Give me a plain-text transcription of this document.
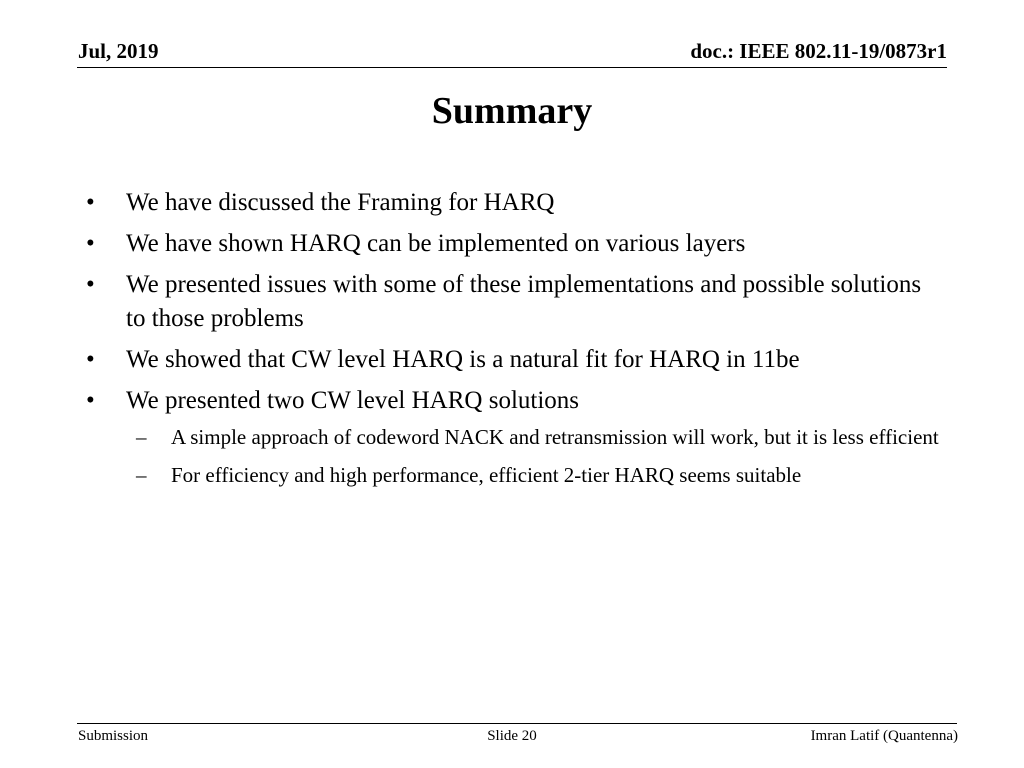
Jul, 2019	doc.: IEEE 802.11-19/0873r1
Summary
• We have discussed the Framing for HARQ
• We have shown HARQ can be implemented on various layers
• We presented issues with some of these implementations and possible solutions to those problems
• We showed that CW level HARQ is a natural fit for HARQ in 11be
• We presented two CW level HARQ solutions
– A simple approach of codeword NACK and retransmission will work, but it is less efficient
– For efficiency and high performance, efficient 2-tier HARQ seems suitable
Submission	Slide 20	Imran Latif (Quantenna)
